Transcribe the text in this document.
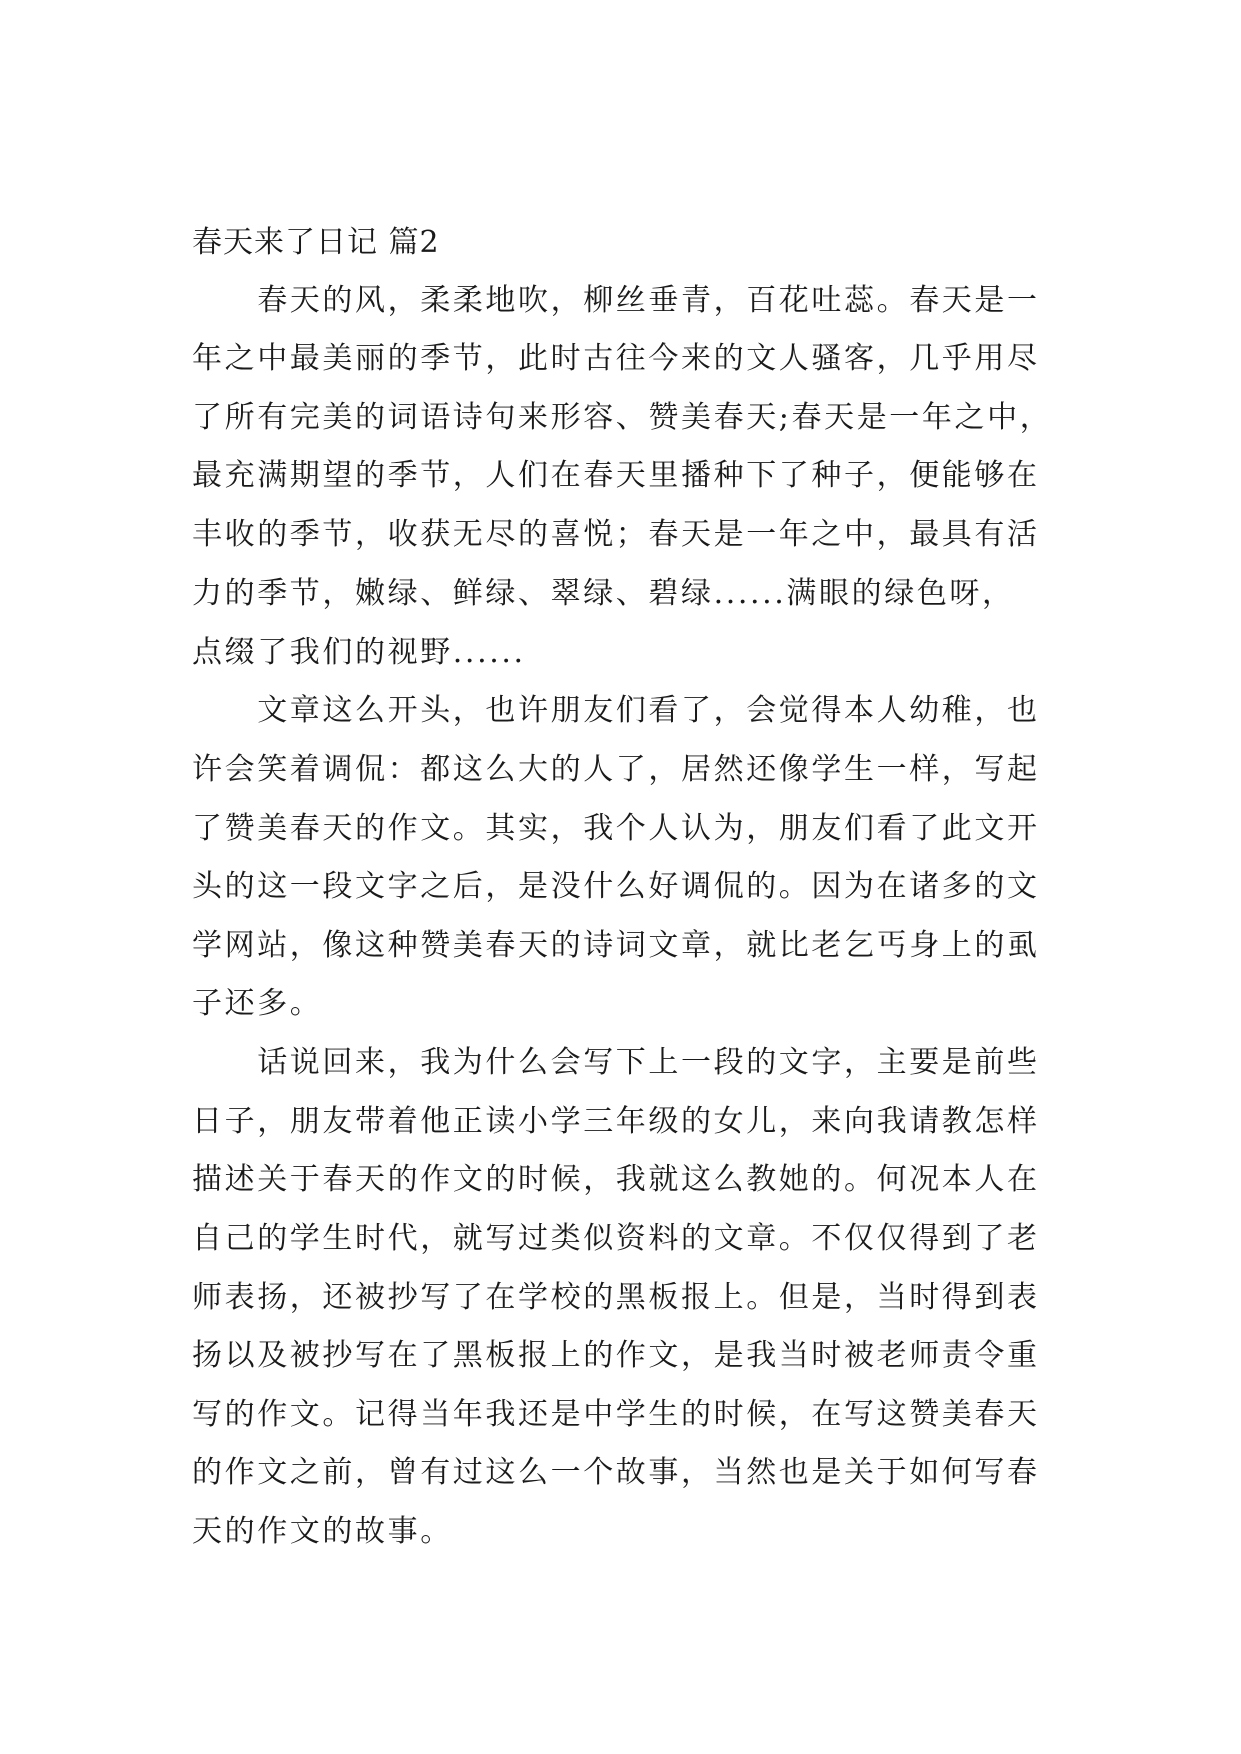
春天来了日记 篇2
　　春天的风，柔柔地吹，柳丝垂青，百花吐蕊。春天是一
年之中最美丽的季节，此时古往今来的文人骚客，几乎用尽
了所有完美的词语诗句来形容、赞美春天;春天是一年之中，
最充满期望的季节，人们在春天里播种下了种子，便能够在
丰收的季节，收获无尽的喜悦；春天是一年之中，最具有活
力的季节，嫩绿、鲜绿、翠绿、碧绿......满眼的绿色呀，
点缀了我们的视野......
　　文章这么开头，也许朋友们看了，会觉得本人幼稚，也
许会笑着调侃：都这么大的人了，居然还像学生一样，写起
了赞美春天的作文。其实，我个人认为，朋友们看了此文开
头的这一段文字之后，是没什么好调侃的。因为在诸多的文
学网站，像这种赞美春天的诗词文章，就比老乞丐身上的虱
子还多。
　　话说回来，我为什么会写下上一段的文字，主要是前些
日子，朋友带着他正读小学三年级的女儿，来向我请教怎样
描述关于春天的作文的时候，我就这么教她的。何况本人在
自己的学生时代，就写过类似资料的文章。不仅仅得到了老
师表扬，还被抄写了在学校的黑板报上。但是，当时得到表
扬以及被抄写在了黑板报上的作文，是我当时被老师责令重
写的作文。记得当年我还是中学生的时候，在写这赞美春天
的作文之前，曾有过这么一个故事，当然也是关于如何写春
天的作文的故事。
